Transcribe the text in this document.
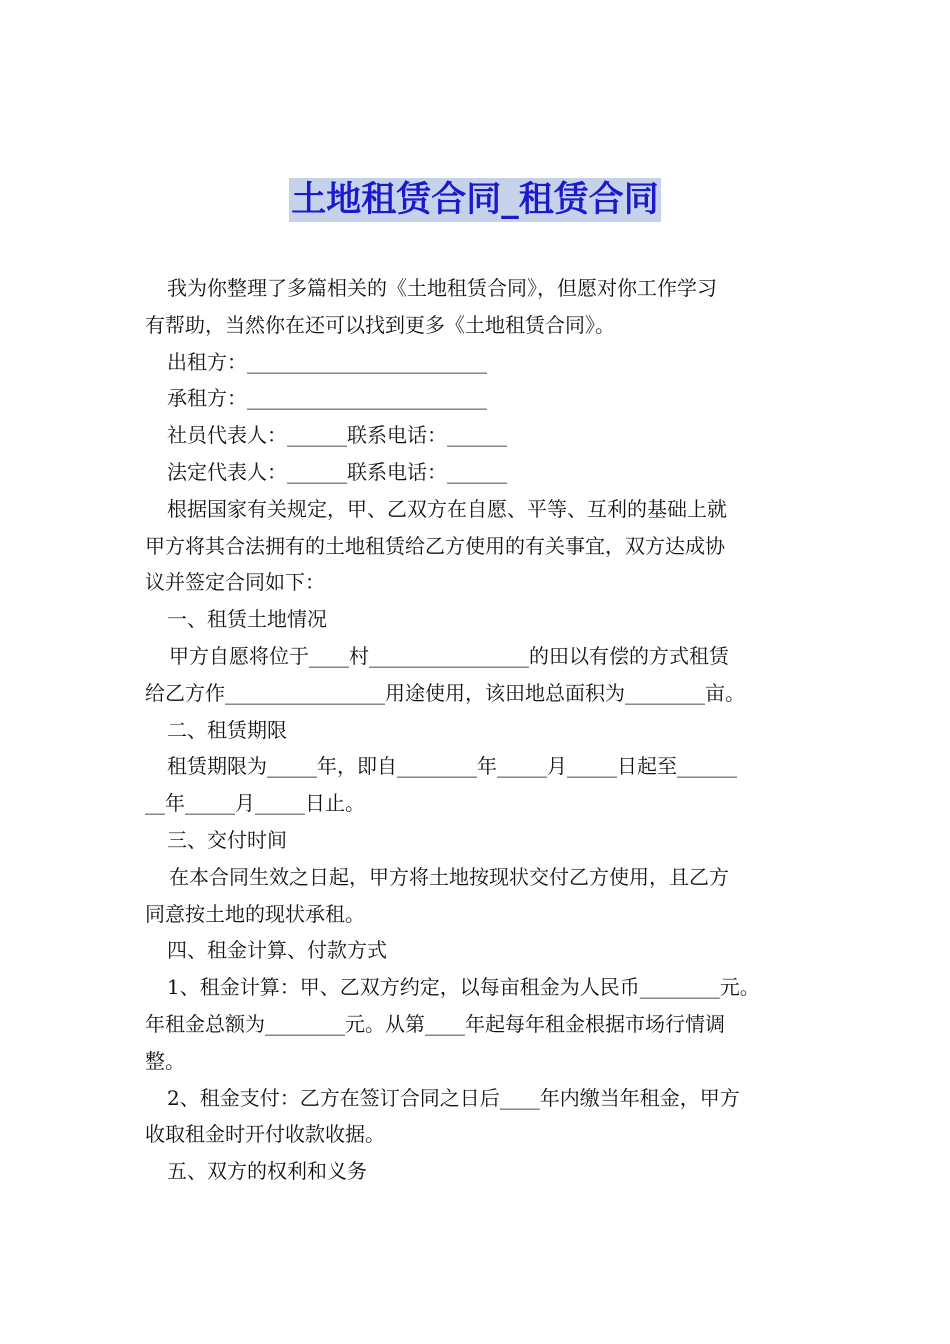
土地租赁合同_租赁合同
我为你整理了多篇相关的《土地租赁合同》，但愿对你工作学习
有帮助，当然你在还可以找到更多《土地租赁合同》。
出租方：________________________
承租方：________________________
社员代表人：______联系电话：______
法定代表人：______联系电话：______
根据国家有关规定，甲、乙双方在自愿、平等、互利的基础上就
甲方将其合法拥有的土地租赁给乙方使用的有关事宜，双方达成协
议并签定合同如下：
一、租赁土地情况
甲方自愿将位于____村________________的田以有偿的方式租赁
给乙方作________________用途使用，该田地总面积为________亩。
二、租赁期限
租赁期限为_____年，即自________年_____月_____日起至______
__年_____月_____日止。
三、交付时间
在本合同生效之日起，甲方将土地按现状交付乙方使用，且乙方
同意按土地的现状承租。
四、租金计算、付款方式
1、租金计算：甲、乙双方约定，以每亩租金为人民币________元。
年租金总额为________元。从第____年起每年租金根据市场行情调
整。
2、租金支付：乙方在签订合同之日后____年内缴当年租金，甲方
收取租金时开付收款收据。
五、双方的权利和义务
